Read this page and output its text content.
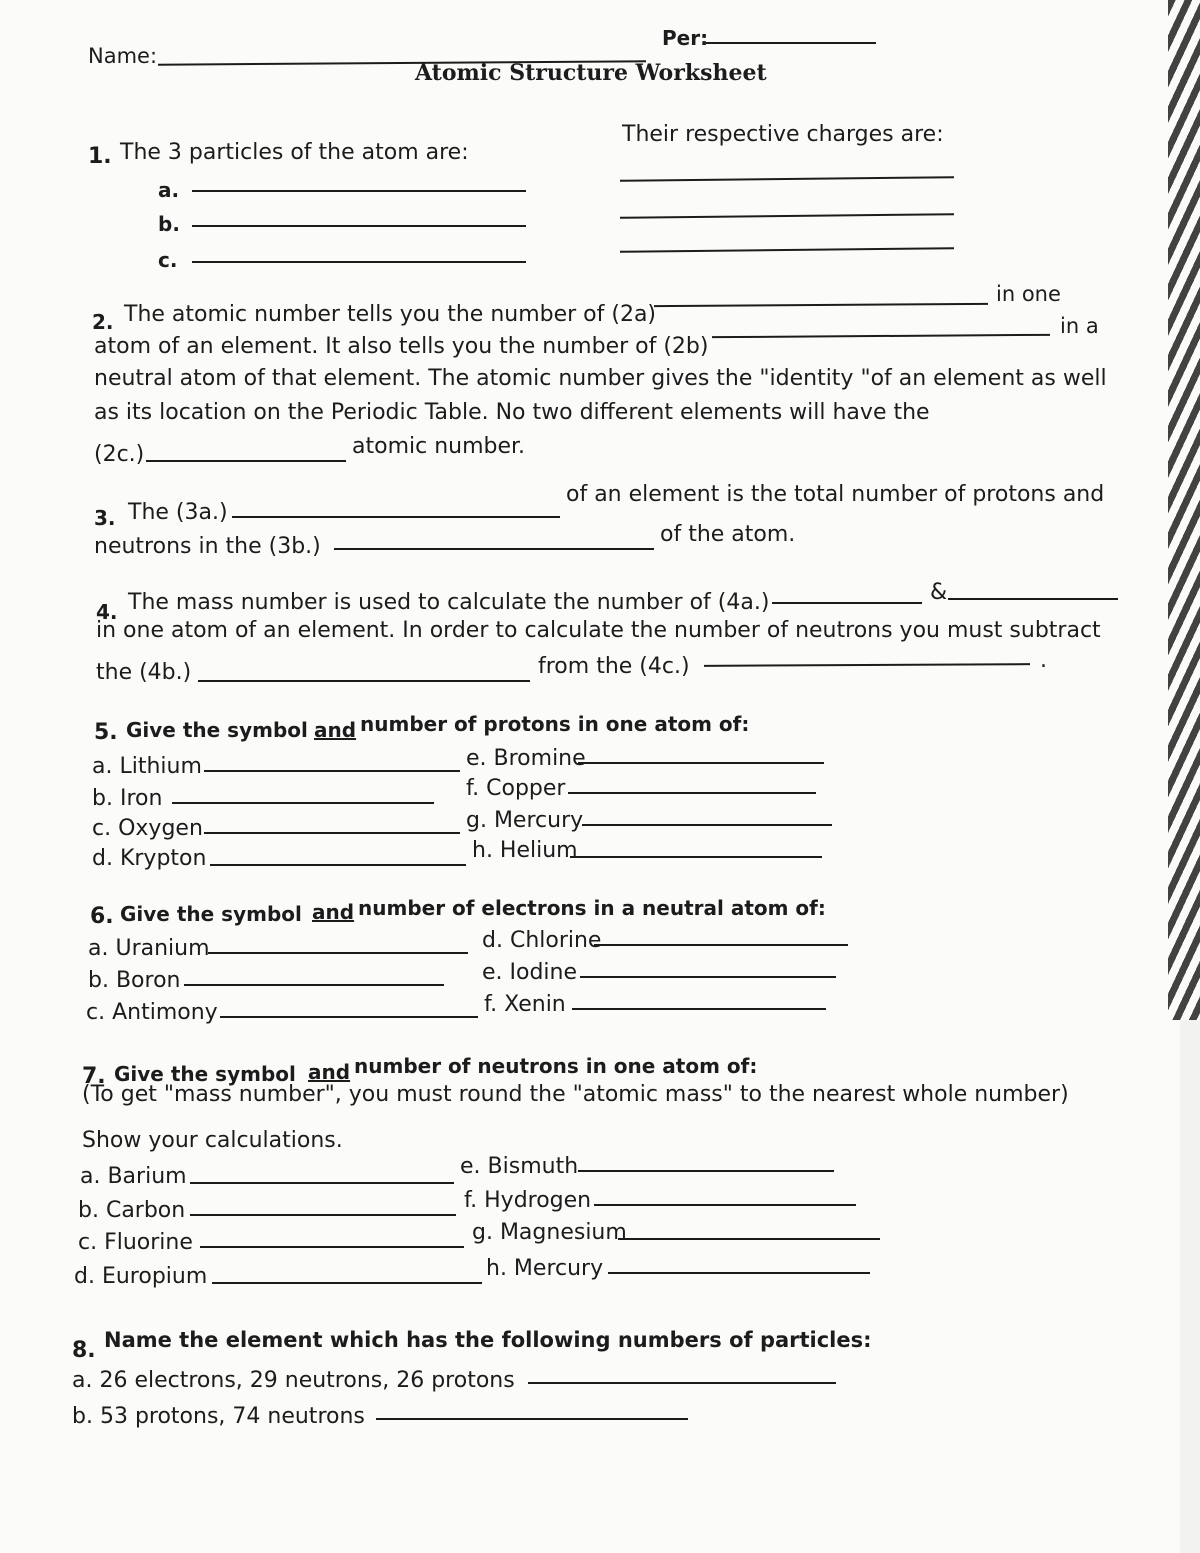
Name:
Per:
Atomic Structure Worksheet
1. The 3 particles of the atom are:
Their respective charges are:
a.
b.
c.
2. The atomic number tells you the number of (2a)
in one
atom of an element. It also tells you the number of (2b)
in a
neutral atom of that element. The atomic number gives the "identity "of an element as well
as its location on the Periodic Table. No two different elements will have the
(2c.)	atomic number.
3. The (3a.)
of an element is the total number of protons and
neutrons in the (3b.)	of the atom.
4. The mass number is used to calculate the number of (4a.)	&
in one atom of an element. In order to calculate the number of neutrons you must subtract
the (4b.)	from the (4c.)	.
5. Give the symbol and number of protons in one atom of:
a. Lithium
b. Iron
c. Oxygen
d. Krypton
e. Bromine
f. Copper
g. Mercury
h. Helium
6. Give the symbol and number of electrons in a neutral atom of:
a. Uranium
b. Boron
c. Antimony
d. Chlorine
e. Iodine
f. Xenin
7. Give the symbol and number of neutrons in one atom of:
(To get "mass number", you must round the "atomic mass" to the nearest whole number)
Show your calculations.
a. Barium
b. Carbon
c. Fluorine
d. Europium
e. Bismuth
f. Hydrogen
g. Magnesium
h. Mercury
8. Name the element which has the following numbers of particles:
a. 26 electrons, 29 neutrons, 26 protons
b. 53 protons, 74 neutrons
